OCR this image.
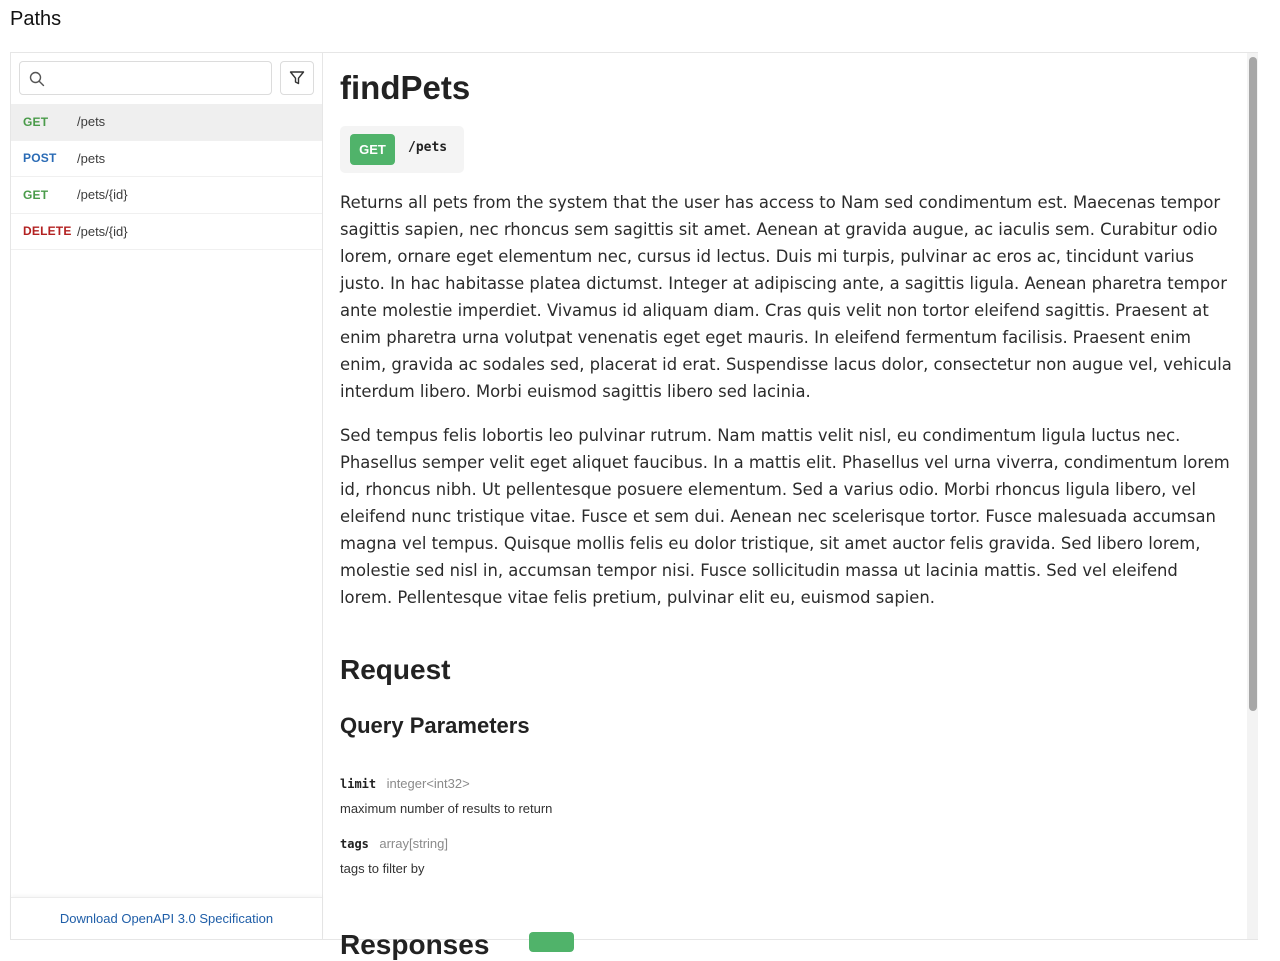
Paths
GET	/pets
POST	/pets
GET	/pets/{id}
DELETE /pets/{id}
Download OpenAPI 3.0 Specification
findPets
GET	/pets

Returns all pets from the system that the user has access to Nam sed condimentum est. Maecenas tempor sagittis sapien, nec rhoncus sem sagittis sit amet. Aenean at gravida augue, ac iaculis sem. Curabitur odio lorem, ornare eget elementum nec, cursus id lectus. Duis mi turpis, pulvinar ac eros ac, tincidunt varius justo. In hac habitasse platea dictumst. Integer at adipiscing ante, a sagittis ligula. Aenean pharetra tempor ante molestie imperdiet. Vivamus id aliquam diam. Cras quis velit non tortor eleifend sagittis. Praesent at enim pharetra urna volutpat venenatis eget eget mauris. In eleifend fermentum facilisis. Praesent enim enim, gravida ac sodales sed, placerat id erat. Suspendisse lacus dolor, consectetur non augue vel, vehicula interdum libero. Morbi euismod sagittis libero sed lacinia.

Sed tempus felis lobortis leo pulvinar rutrum. Nam mattis velit nisl, eu condimentum ligula luctus nec. Phasellus semper velit eget aliquet faucibus. In a mattis elit. Phasellus vel urna viverra, condimentum lorem id, rhoncus nibh. Ut pellentesque posuere elementum. Sed a varius odio. Morbi rhoncus ligula libero, vel eleifend nunc tristique vitae. Fusce et sem dui. Aenean nec scelerisque tortor. Fusce malesuada accumsan magna vel tempus. Quisque mollis felis eu dolor tristique, sit amet auctor felis gravida. Sed libero lorem, molestie sed nisl in, accumsan tempor nisi. Fusce sollicitudin massa ut lacinia mattis. Sed vel eleifend lorem. Pellentesque vitae felis pretium, pulvinar elit eu, euismod sapien.

Request
Query Parameters
limit integer<int32>
maximum number of results to return
tags array[string]
tags to filter by
Responses
